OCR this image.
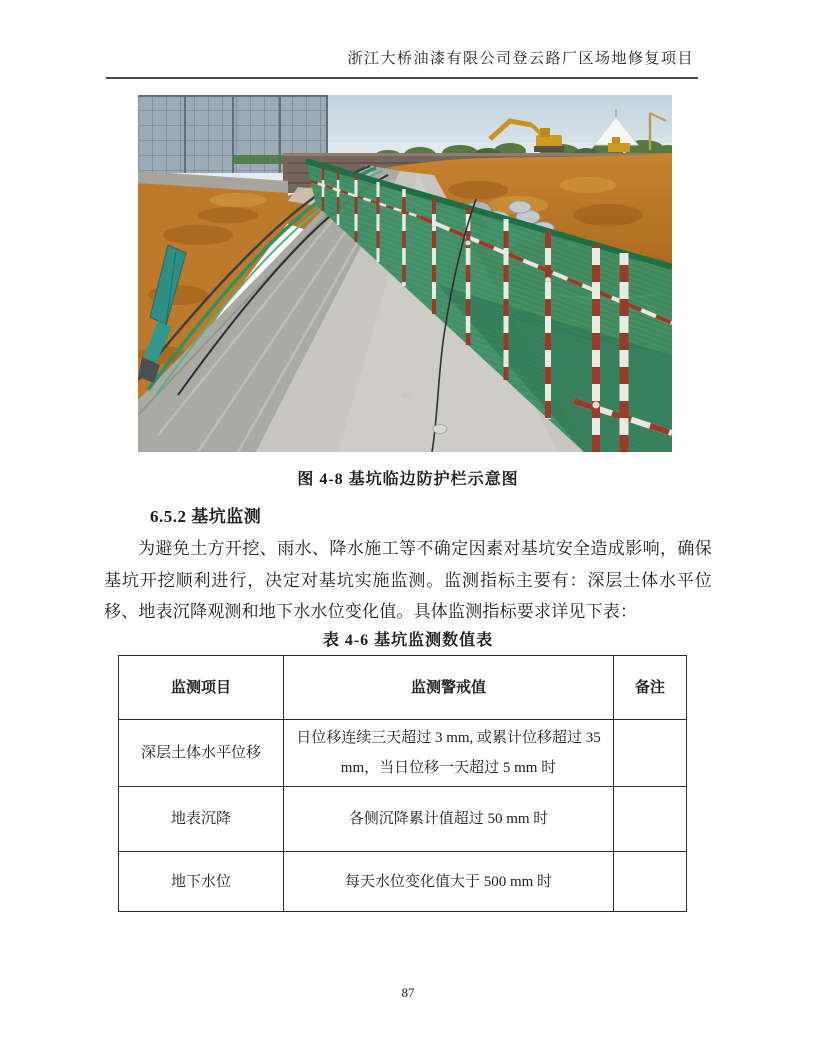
浙江大桥油漆有限公司登云路厂区场地修复项目
图 4-8 基坑临边防护栏示意图
6.5.2 基坑监测
为避免土方开挖、雨水、降水施工等不确定因素对基坑安全造成影响，确保基坑开挖顺利进行，决定对基坑实施监测。监测指标主要有：深层土体水平位移、地表沉降观测和地下水水位变化值。具体监测指标要求详见下表：
表 4-6 基坑监测数值表
监测项目	监测警戒值	备注
深层土体水平位移	日位移连续三天超过 3 mm, 或累计位移超过 35 mm，当日位移一天超过 5 mm 时	
地表沉降	各侧沉降累计值超过 50 mm 时	
地下水位	每天水位变化值大于 500 mm 时	
87
